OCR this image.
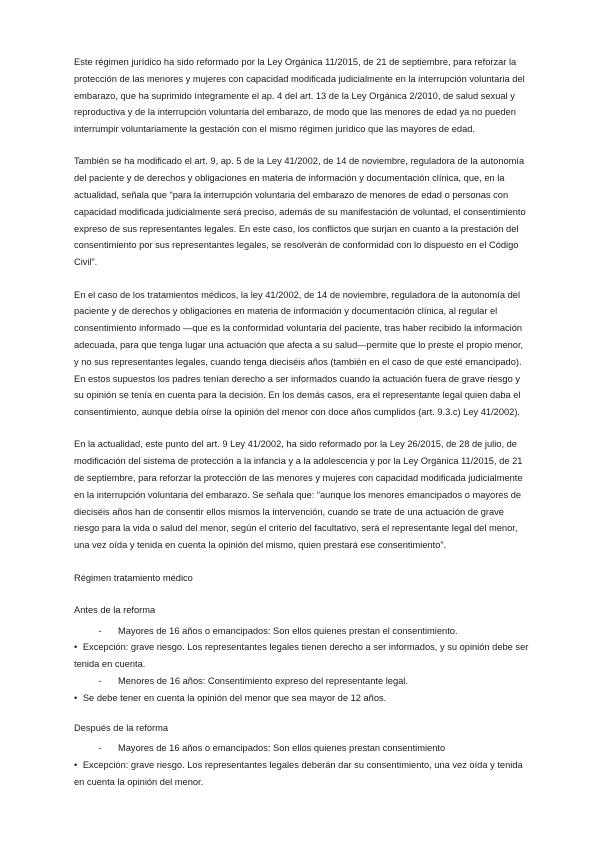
Este régimen jurídico ha sido reformado por la Ley Orgánica 11/2015, de 21 de septiembre, para reforzar la protección de las menores y mujeres con capacidad modificada judicialmente en la interrupción voluntaria del embarazo, que ha suprimido íntegramente el ap. 4 del art. 13 de la Ley Orgánica 2/2010, de salud sexual y reproductiva y de la interrupción voluntaria del embarazo, de modo que las menores de edad ya no pueden interrumpir voluntariamente la gestación con el mismo régimen jurídico que las mayores de edad.

También se ha modificado el art. 9, ap. 5 de la Ley 41/2002, de 14 de noviembre, reguladora de la autonomía del paciente y de derechos y obligaciones en materia de información y documentación clínica, que, en la actualidad, señala que “para la interrupción voluntaria del embarazo de menores de edad o personas con capacidad modificada judicialmente será preciso, además de su manifestación de voluntad, el consentimiento expreso de sus representantes legales. En este caso, los conflictos que surjan en cuanto a la prestación del consentimiento por sus representantes legales, se resolverán de conformidad con lo dispuesto en el Código Civil”.

En el caso de los tratamientos médicos, la ley 41/2002, de 14 de noviembre, reguladora de la autonomía del paciente y de derechos y obligaciones en materia de información y documentación clínica, al regular el consentimiento informado —que es la conformidad voluntaria del paciente, tras haber recibido la información adecuada, para que tenga lugar una actuación que afecta a su salud—permite que lo preste el propio menor, y no sus representantes legales, cuando tenga dieciséis años (también en el caso de que esté emancipado). En estos supuestos los padres tenían derecho a ser informados cuando la actuación fuera de grave riesgo y su opinión se tenía en cuenta para la decisión. En los demás casos, era el representante legal quien daba el consentimiento, aunque debía oírse la opinión del menor con doce años cumplidos (art. 9.3.c) Ley 41/2002).

En la actualidad, este punto del art. 9 Ley 41/2002, ha sido reformado por la Ley 26/2015, de 28 de julio, de modificación del sistema de protección a la infancia y a la adolescencia y por la Ley Orgánica 11/2015, de 21 de septiembre, para reforzar la protección de las menores y mujeres con capacidad modificada judicialmente en la interrupción voluntaria del embarazo. Se señala que: “aunque los menores emancipados o mayores de dieciséis años han de consentir ellos mismos la intervención, cuando se trate de una actuación de grave riesgo para la vida o salud del menor, según el criterio del facultativo, será el representante legal del menor, una vez oída y tenida en cuenta la opinión del mismo, quien prestará ese consentimiento”.

Régimen tratamiento médico

Antes de la reforma

-	Mayores de 16 años o emancipados: Son ellos quienes prestan el consentimiento.
• Excepción: grave riesgo. Los representantes legales tienen derecho a ser informados, y su opinión debe ser tenida en cuenta.
-	Menores de 16 años: Consentimiento expreso del representante legal.
• Se debe tener en cuenta la opinión del menor que sea mayor de 12 años.

Después de la reforma

-	Mayores de 16 años o emancipados: Son ellos quienes prestan consentimiento
• Excepción: grave riesgo. Los representantes legales deberán dar su consentimiento, una vez oída y tenida en cuenta la opinión del menor.
